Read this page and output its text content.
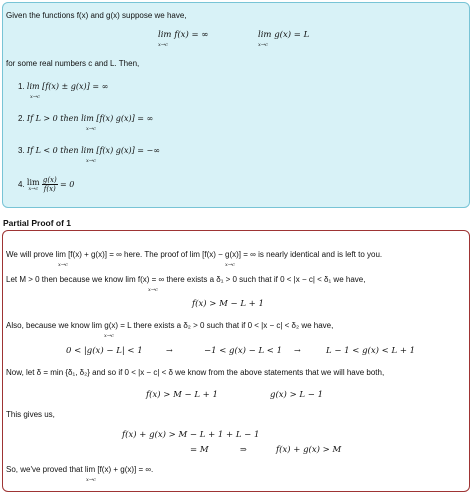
Given the functions f(x) and g(x) suppose we have,
lim f(x) = ∞
x→c
lim g(x) = L
x→c
for some real numbers c and L. Then,
1. lim [f(x) ± g(x)] = ∞
x→c
2. If L > 0 then lim [f(x) g(x)] = ∞
x→c
3. If L < 0 then lim [f(x) g(x)] = −∞
x→c
4. lim
x→c
$\frac{g(x)}{f(x)} = 0$
Partial Proof of 1
We will prove lim [f(x) + g(x)] = ∞ here. The proof of lim [f(x) − g(x)] = ∞ is nearly identical and is left to you.
x→c	x→c
Let M > 0 then because we know lim f(x) = ∞ there exists a δ₁ > 0 such that if 0 < |x − c| < δ₁ we have,
x→c
f(x) > M − L + 1
Also, because we know lim g(x) = L there exists a δ₂ > 0 such that if 0 < |x − c| < δ₂ we have,
x→c
0 < |g(x) − L| < 1	→	−1 < g(x) − L < 1 →	L − 1 < g(x) < L + 1
Now, let δ = min {δ₁, δ₂} and so if 0 < |x − c| < δ we know from the above statements that we will have both,
f(x) > M − L + 1	g(x) > L − 1
This gives us,
f(x) + g(x) > M − L + 1 + L − 1
= M	⇒	f(x) + g(x) > M
So, we've proved that lim [f(x) + g(x)] = ∞.
x→c
